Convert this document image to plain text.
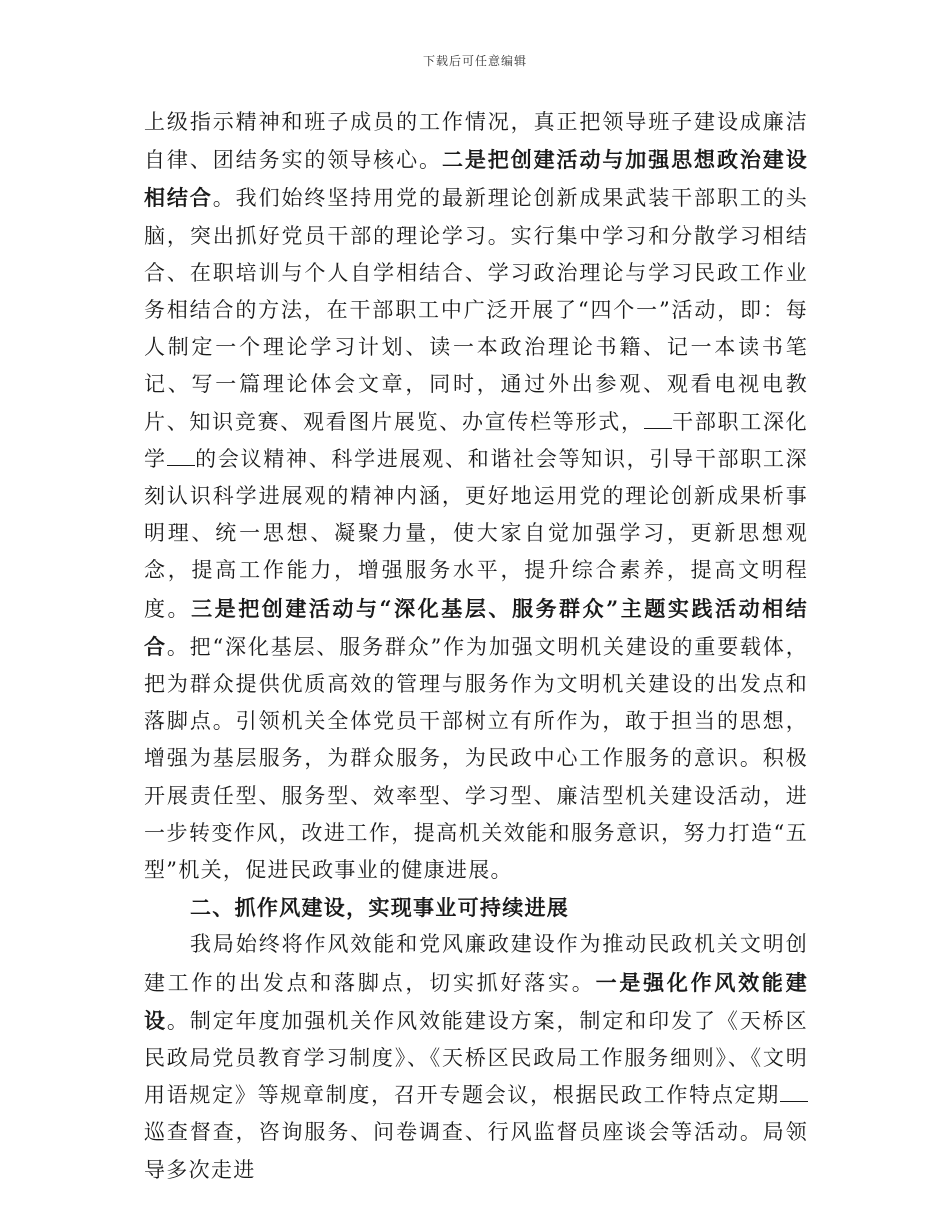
下载后可任意编辑

上级指示精神和班子成员的工作情况，真正把领导班子建设成廉洁自律、团结务实的领导核心。二是把创建活动与加强思想政治建设相结合。我们始终坚持用党的最新理论创新成果武装干部职工的头脑，突出抓好党员干部的理论学习。实行集中学习和分散学习相结合、在职培训与个人自学相结合、学习政治理论与学习民政工作业务相结合的方法，在干部职工中广泛开展了“四个一”活动，即：每人制定一个理论学习计划、读一本政治理论书籍、记一本读书笔记、写一篇理论体会文章，同时，通过外出参观、观看电视电教片、知识竞赛、观看图片展览、办宣传栏等形式， 干部职工深化学 的会议精神、科学进展观、和谐社会等知识，引导干部职工深刻认识科学进展观的精神内涵，更好地运用党的理论创新成果析事明理、统一思想、凝聚力量，使大家自觉加强学习，更新思想观念，提高工作能力，增强服务水平，提升综合素养，提高文明程度。三是把创建活动与“深化基层、服务群众”主题实践活动相结合。把“深化基层、服务群众”作为加强文明机关建设的重要载体，把为群众提供优质高效的管理与服务作为文明机关建设的出发点和落脚点。引领机关全体党员干部树立有所作为，敢于担当的思想，增强为基层服务，为群众服务，为民政中心工作服务的意识。积极开展责任型、服务型、效率型、学习型、廉洁型机关建设活动，进一步转变作风，改进工作，提高机关效能和服务意识，努力打造“五型”机关，促进民政事业的健康进展。

二、抓作风建设，实现事业可持续进展

我局始终将作风效能和党风廉政建设作为推动民政机关文明创建工作的出发点和落脚点，切实抓好落实。一是强化作风效能建设。制定年度加强机关作风效能建设方案，制定和印发了《天桥区民政局党员教育学习制度》、《天桥区民政局工作服务细则》、《文明用语规定》等规章制度，召开专题会议，根据民政工作特点定期巡查督查，咨询服务、问卷调查、行风监督员座谈会等活动。局领导多次走进
